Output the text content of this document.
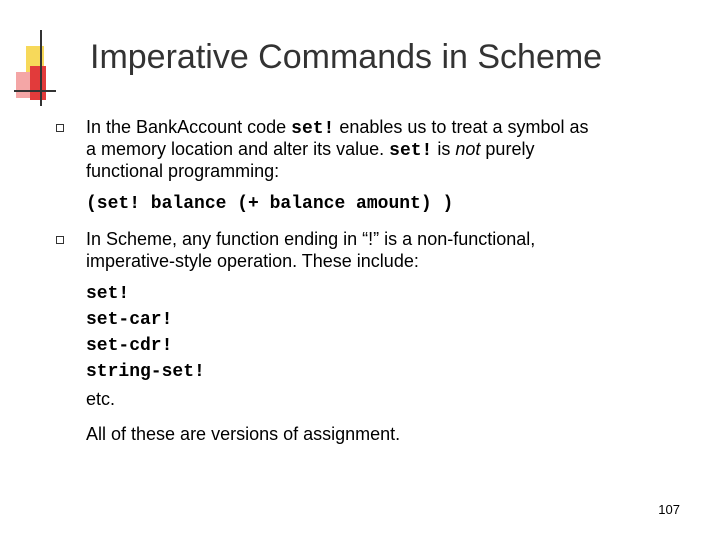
Imperative Commands in Scheme
In the BankAccount code set! enables us to treat a symbol as
a memory location and alter its value. set! is not purely
functional programming:
(set! balance (+ balance amount) )
In Scheme, any function ending in “!” is a non-functional,
imperative-style operation. These include:
set!
set-car!
set-cdr!
string-set!
etc.
All of these are versions of assignment.
107
